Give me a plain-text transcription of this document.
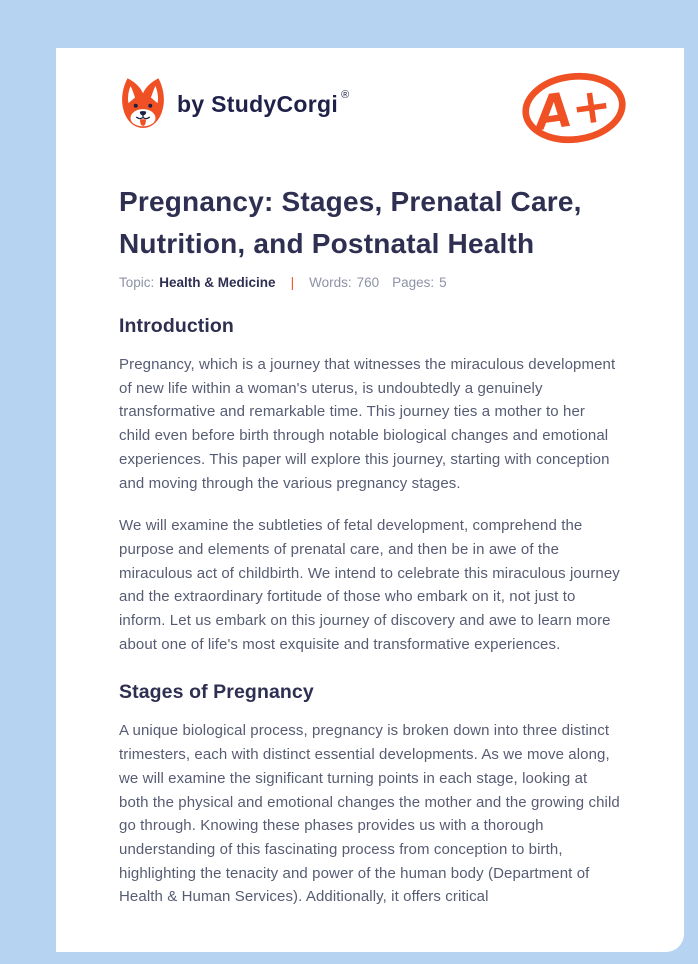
by StudyCorgi ®	A+
Pregnancy: Stages, Prenatal Care, Nutrition, and Postnatal Health
Topic: Health & Medicine | Words: 760 Pages: 5
Introduction

Pregnancy, which is a journey that witnesses the miraculous development of new life within a woman's uterus, is undoubtedly a genuinely transformative and remarkable time. This journey ties a mother to her child even before birth through notable biological changes and emotional experiences. This paper will explore this journey, starting with conception and moving through the various pregnancy stages.

We will examine the subtleties of fetal development, comprehend the purpose and elements of prenatal care, and then be in awe of the miraculous act of childbirth. We intend to celebrate this miraculous journey and the extraordinary fortitude of those who embark on it, not just to inform. Let us embark on this journey of discovery and awe to learn more about one of life's most exquisite and transformative experiences.

Stages of Pregnancy

A unique biological process, pregnancy is broken down into three distinct trimesters, each with distinct essential developments. As we move along, we will examine the significant turning points in each stage, looking at both the physical and emotional changes the mother and the growing child go through. Knowing these phases provides us with a thorough understanding of this fascinating process from conception to birth, highlighting the tenacity and power of the human body (Department of Health & Human Services). Additionally, it offers critical
